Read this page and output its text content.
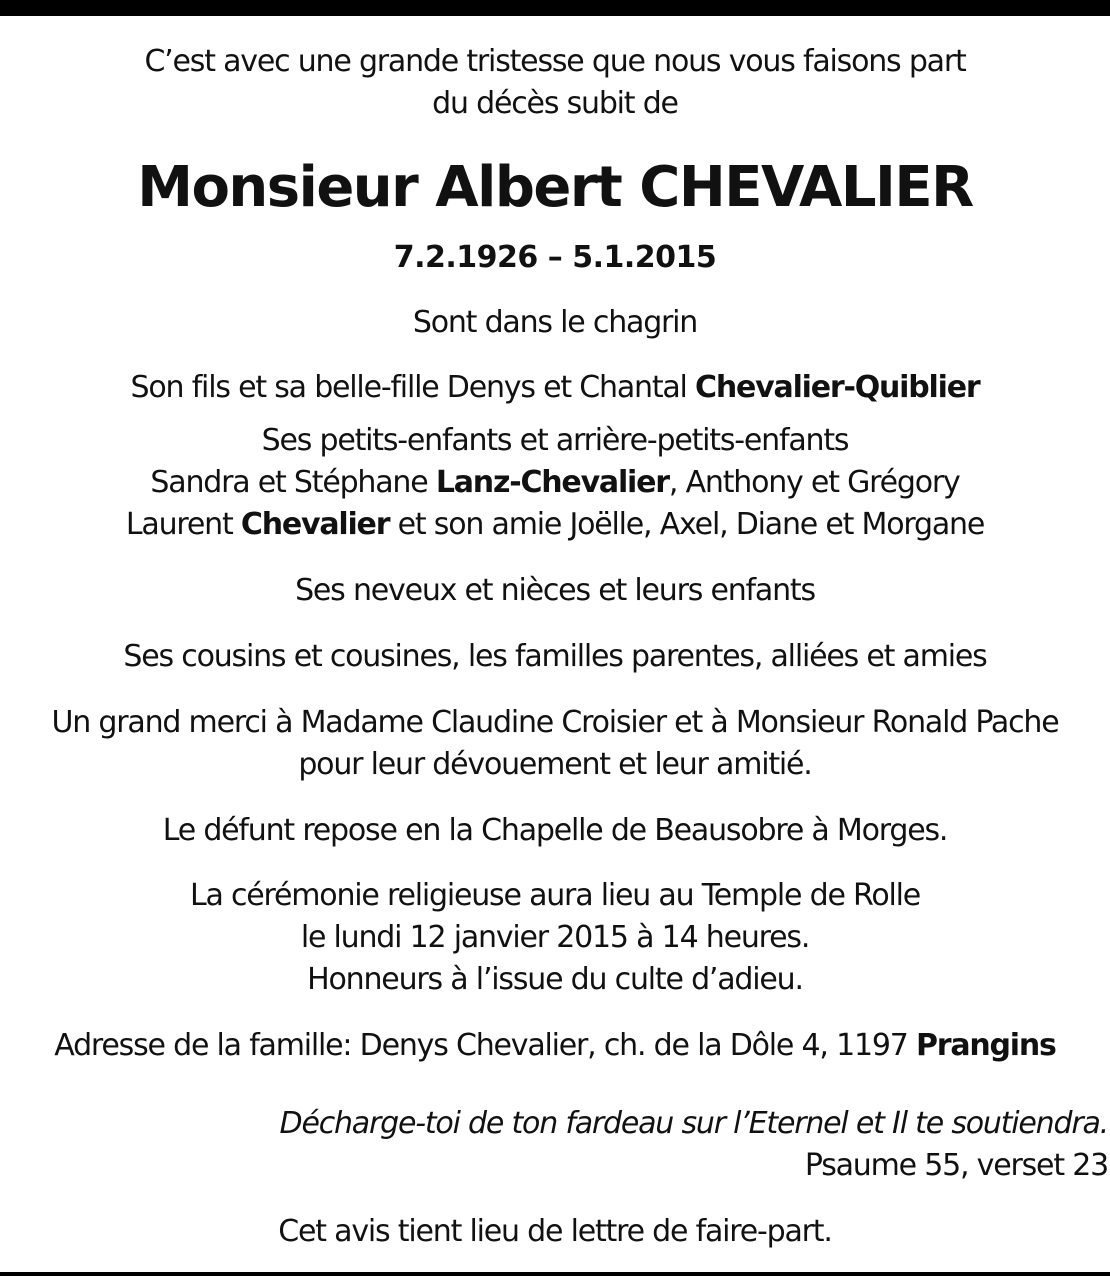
C’est avec une grande tristesse que nous vous faisons part
du décès subit de
Monsieur Albert CHEVALIER
7.2.1926 – 5.1.2015
Sont dans le chagrin
Son fils et sa belle-fille Denys et Chantal Chevalier-Quiblier
Ses petits-enfants et arrière-petits-enfants
Sandra et Stéphane Lanz-Chevalier, Anthony et Grégory
Laurent Chevalier et son amie Joëlle, Axel, Diane et Morgane
Ses neveux et nièces et leurs enfants
Ses cousins et cousines, les familles parentes, alliées et amies
Un grand merci à Madame Claudine Croisier et à Monsieur Ronald Pache
pour leur dévouement et leur amitié.
Le défunt repose en la Chapelle de Beausobre à Morges.
La cérémonie religieuse aura lieu au Temple de Rolle
le lundi 12 janvier 2015 à 14 heures.
Honneurs à l’issue du culte d’adieu.
Adresse de la famille: Denys Chevalier, ch. de la Dôle 4, 1197 Prangins
Décharge-toi de ton fardeau sur l’Eternel et Il te soutiendra.
Psaume 55, verset 23
Cet avis tient lieu de lettre de faire-part.
